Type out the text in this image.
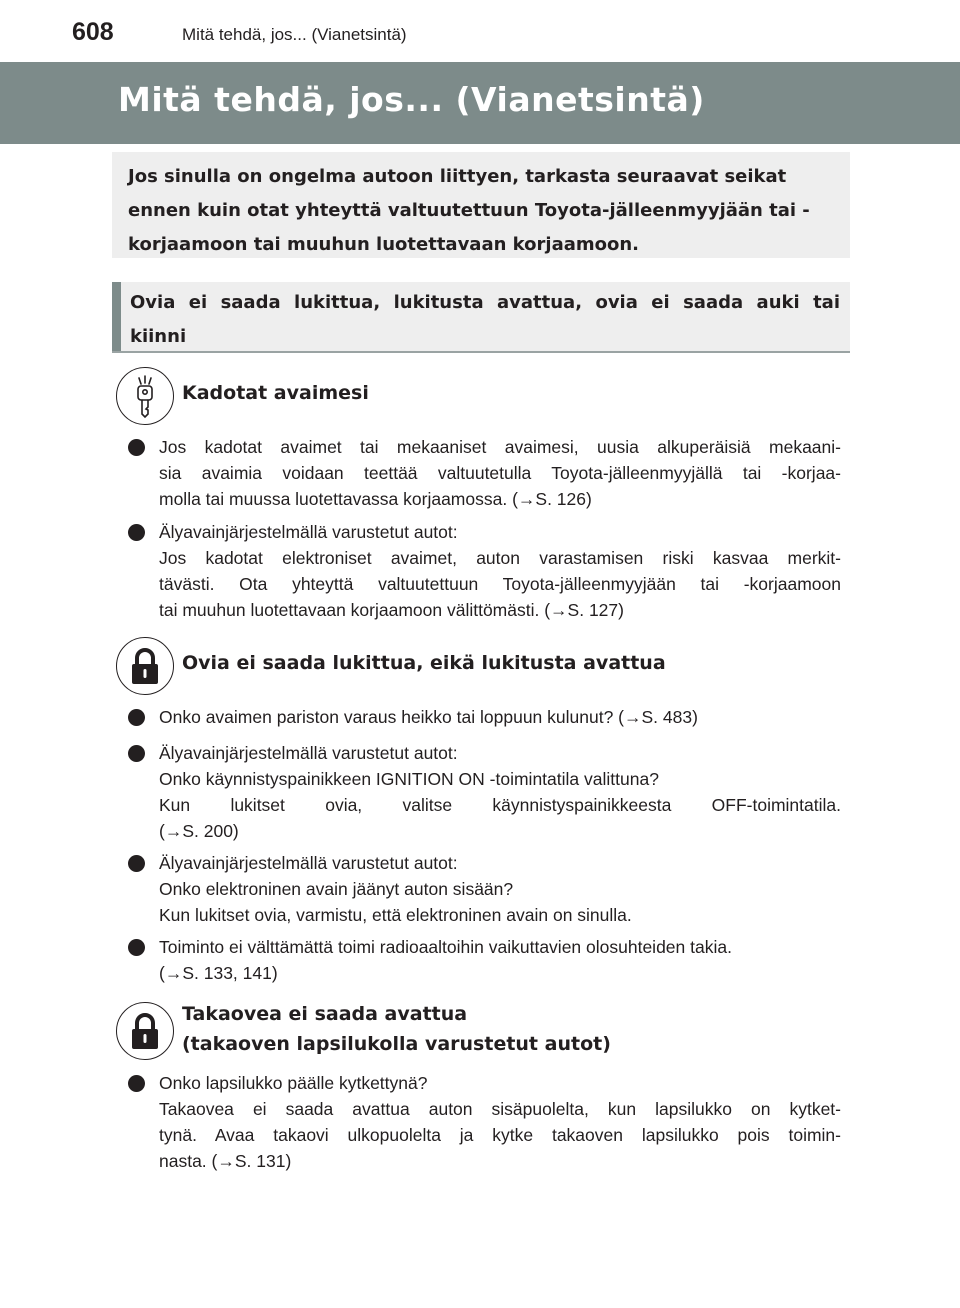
608	Mitä tehdä, jos... (Vianetsintä)
Mitä tehdä, jos... (Vianetsintä)
Jos sinulla on ongelma autoon liittyen, tarkasta seuraavat seikat ennen kuin otat yhteyttä valtuutettuun Toyota-jälleenmyyjään tai -korjaamoon tai muuhun luotettavaan korjaamoon.
Ovia ei saada lukittua, lukitusta avattua, ovia ei saada auki tai
kiinni
Kadotat avaimesi
Jos kadotat avaimet tai mekaaniset avaimesi, uusia alkuperäisiä mekaani-
sia avaimia voidaan teettää valtuutetulla Toyota-jälleenmyyjällä tai -korjaa-
molla tai muussa luotettavassa korjaamossa. (→S. 126)
Älyavainjärjestelmällä varustetut autot:
Jos kadotat elektroniset avaimet, auton varastamisen riski kasvaa merkit-
tävästi. Ota yhteyttä valtuutettuun Toyota-jälleenmyyjään tai -korjaamoon
tai muuhun luotettavaan korjaamoon välittömästi. (→S. 127)
Ovia ei saada lukittua, eikä lukitusta avattua
Onko avaimen pariston varaus heikko tai loppuun kulunut? (→S. 483)
Älyavainjärjestelmällä varustetut autot:
Onko käynnistyspainikkeen IGNITION ON -toimintatila valittuna?
Kun lukitset ovia, valitse käynnistyspainikkeesta OFF-toimintatila.
(→S. 200)
Älyavainjärjestelmällä varustetut autot:
Onko elektroninen avain jäänyt auton sisään?
Kun lukitset ovia, varmistu, että elektroninen avain on sinulla.
Toiminto ei välttämättä toimi radioaaltoihin vaikuttavien olosuhteiden takia.
(→S. 133, 141)
Takaovea ei saada avattua
(takaoven lapsilukolla varustetut autot)
Onko lapsilukko päälle kytkettynä?
Takaovea ei saada avattua auton sisäpuolelta, kun lapsilukko on kytket-
tynä. Avaa takaovi ulkopuolelta ja kytke takaoven lapsilukko pois toimin-
nasta. (→S. 131)
